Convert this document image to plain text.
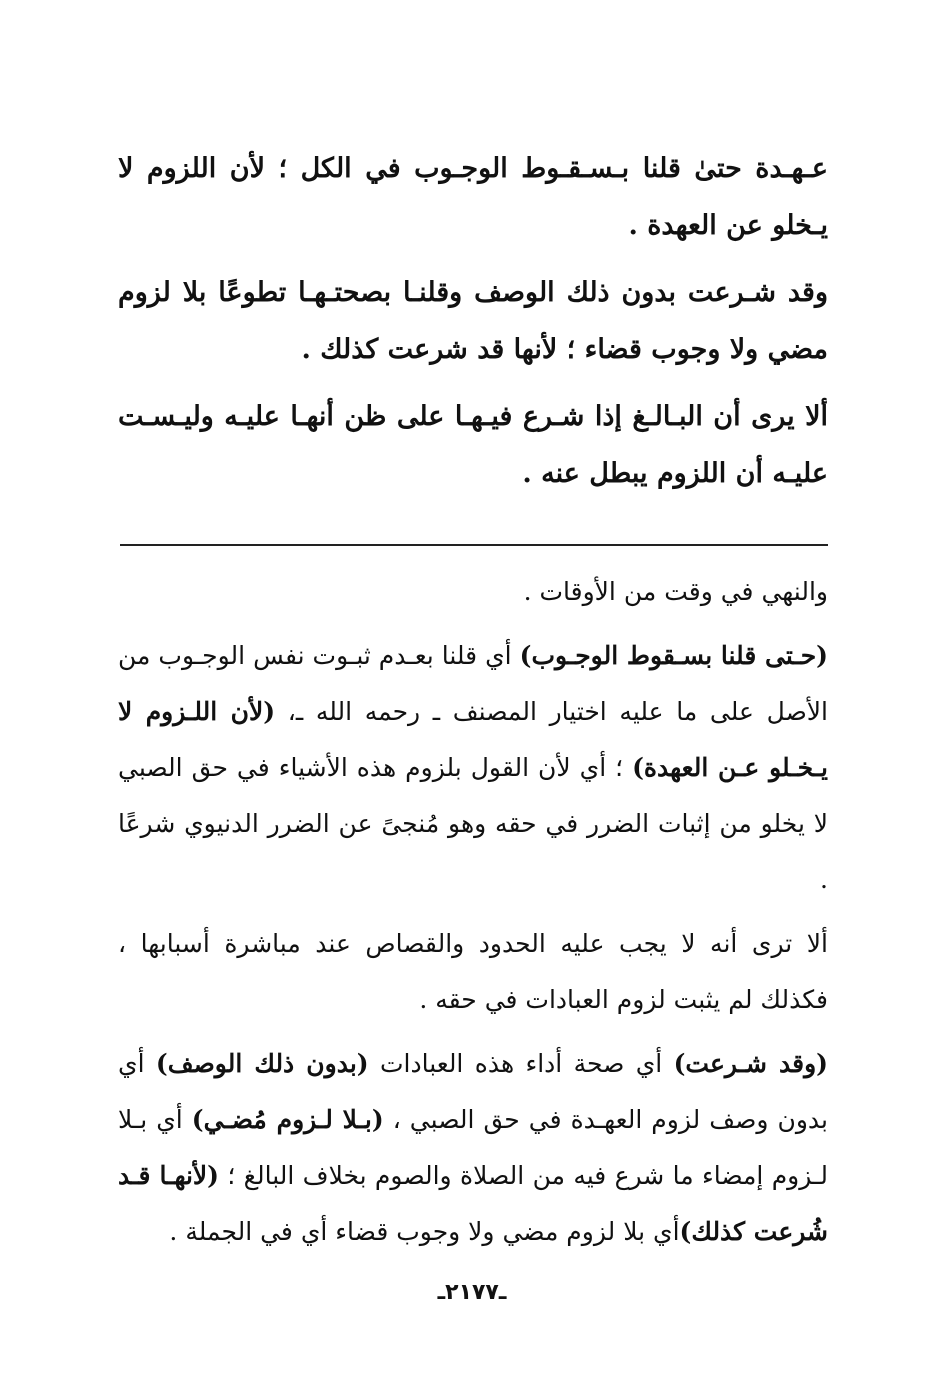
عـهـدة حتىٰ قلنا بـسـقـوط الوجـوب في الكل ؛ لأن اللزوم لا يـخلو عن العهدة .

وقد شـرعت بدون ذلك الوصف وقلنـا بصحتـهـا تطوعًا بلا لزوم مضي ولا وجوب قضاء ؛ لأنها قد شرعت كذلك .

ألا يرى أن البـالـغ إذا شـرع فيـهـا على ظن أنهـا عليـه وليـسـت عليـه أن اللزوم يبطل عنه .

والنهي في وقت من الأوقات .

(حـتى قلنا بسـقوط الوجـوب) أي قلنا بعـدم ثبـوت نفس الوجـوب من الأصل على ما عليه اختيار المصنف ـ رحمه الله ـ، (لأن اللـزوم لا يـخـلو عـن العهدة) ؛ أي لأن القول بلزوم هذه الأشياء في حق الصبي لا يخلو من إثبات الضرر في حقه وهو مُنجىً عن الضرر الدنيوي شرعًا .

ألا ترى أنه لا يجب عليه الحدود والقصاص عند مباشرة أسبابها ، فكذلك لم يثبت لزوم العبادات في حقه .

(وقد شـرعت) أي صحة أداء هذه العبادات (بدون ذلك الوصف) أي بدون وصف لزوم العهـدة في حق الصبي ، (بـلا لـزوم مُضـي) أي بـلا لـزوم إمضاء ما شرع فيه من الصلاة والصوم بخلاف البالغ ؛ (لأنهـا قـد شُرعت كذلك)أي بلا لزوم مضي ولا وجوب قضاء أي في الجملة .

ـ٢١٧٧ـ
